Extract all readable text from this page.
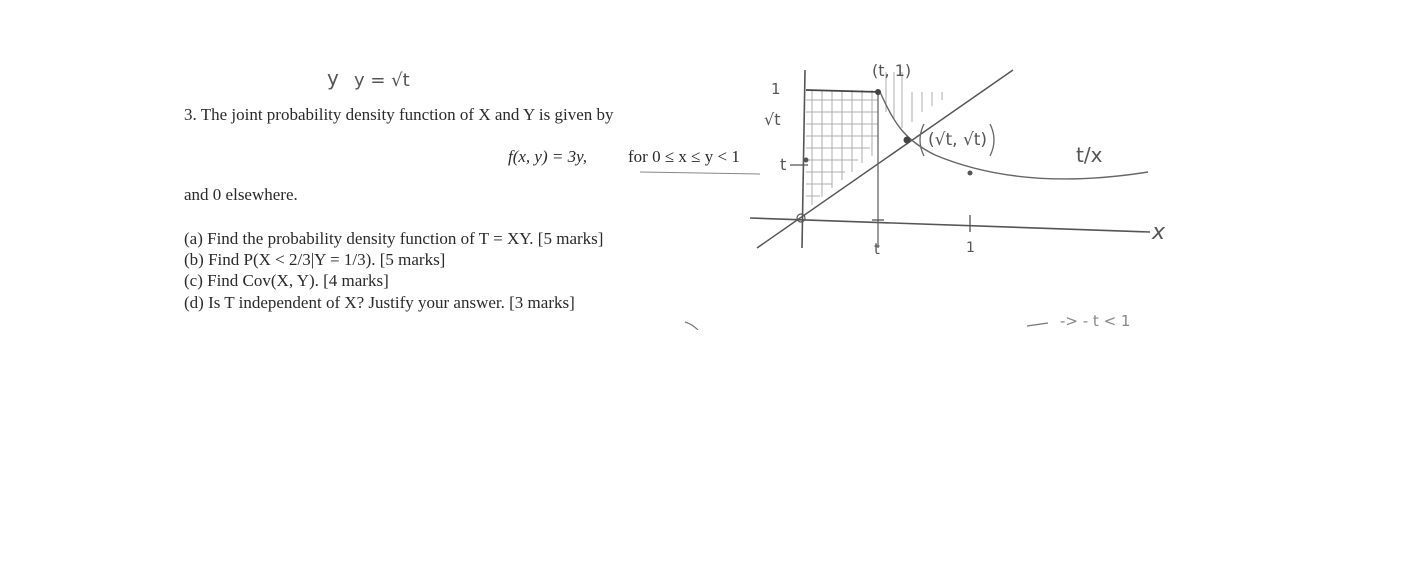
3. The joint probability density function of X and Y is given by
f(x, y) = 3y, for 0 ≤ x ≤ y < 1
and 0 elsewhere.
(a) Find the probability density function of T = XY. [5 marks]
(b) Find P(X < 2/3|Y = 1/3). [5 marks]
(c) Find Cov(X, Y). [4 marks]
(d) Is T independent of X? Justify your answer. [3 marks]
y y = √t	1
√t
t
(t, 1)
(√t, √t)
t/x
x
t	1
-> - t < 1
